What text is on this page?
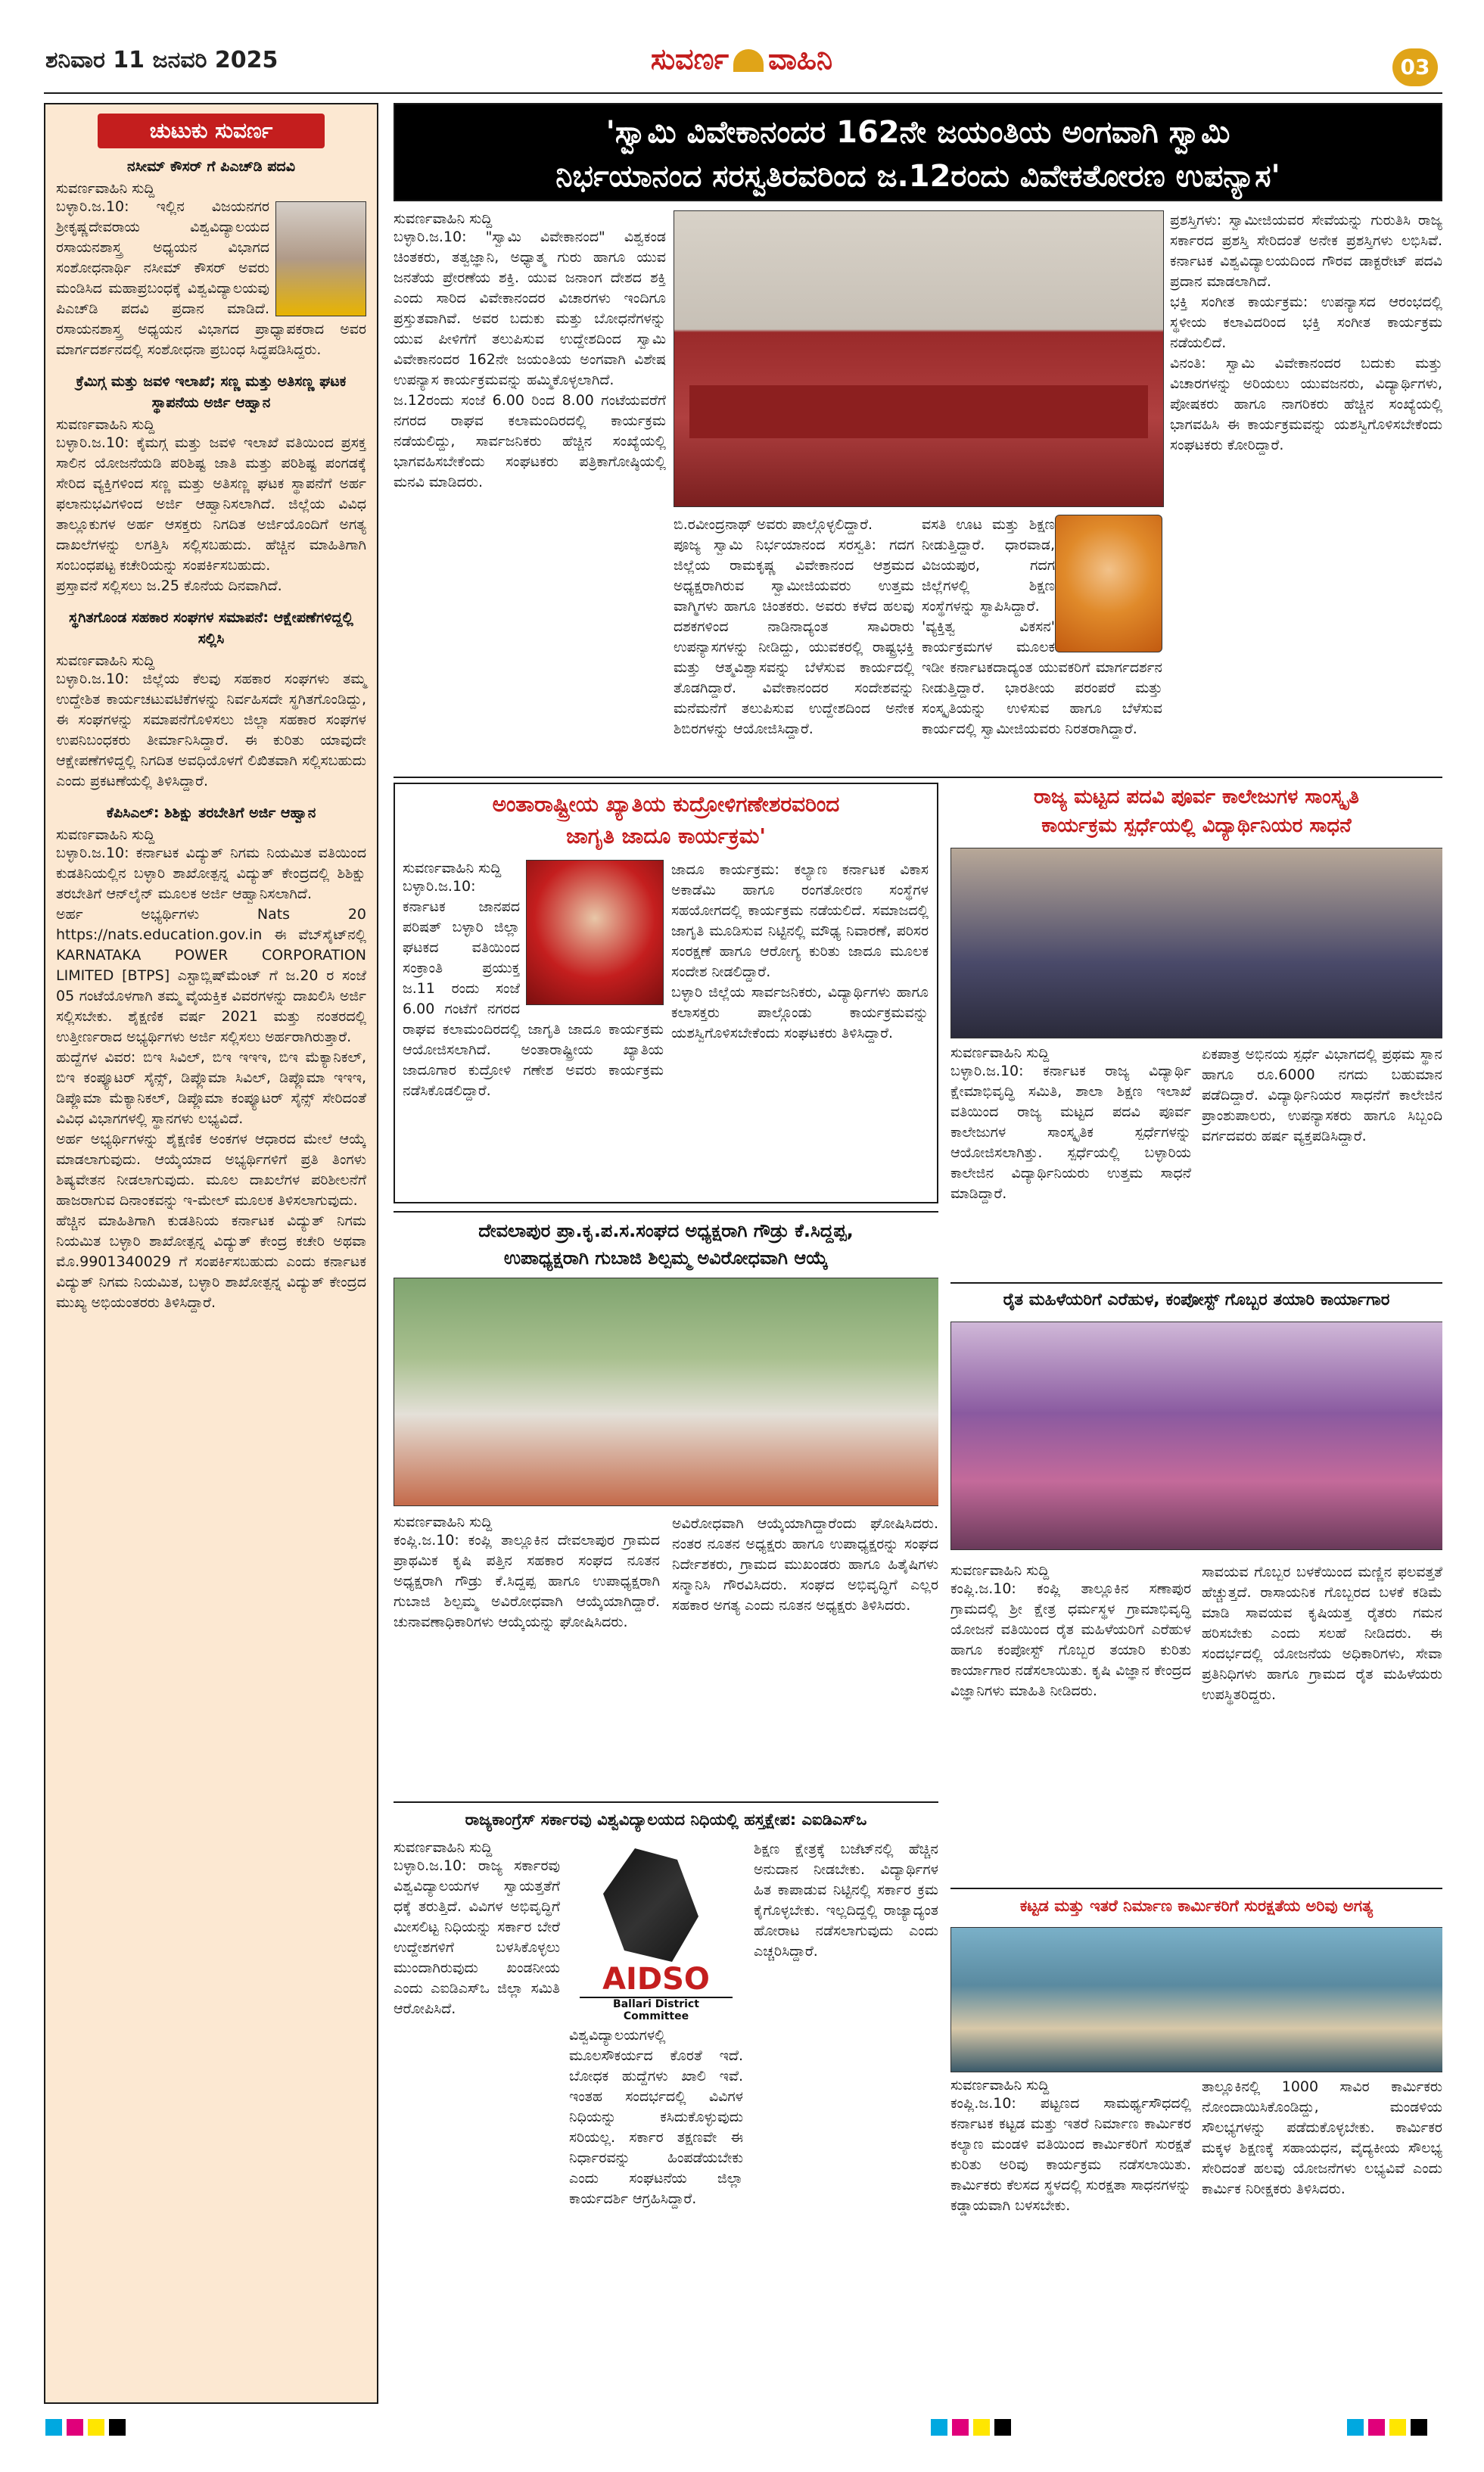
ಶನಿವಾರ 11 ಜನವರಿ 2025	ಸುವರ್ಣ ವಾಹಿನಿ	03
ಚುಟುಕು ಸುವರ್ಣ
ನಸೀಮ್ ಕೌಸರ್ ಗೆ ಪಿಎಚ್‌ಡಿ ಪದವಿ
ಸುವರ್ಣವಾಹಿನಿ ಸುದ್ದಿ
ಬಳ್ಳಾರಿ.ಜ.10: ಇಲ್ಲಿನ ವಿಜಯನಗರ ಶ್ರೀಕೃಷ್ಣದೇವರಾಯ ವಿಶ್ವವಿದ್ಯಾಲಯದ ರಸಾಯನಶಾಸ್ತ್ರ ಅಧ್ಯಯನ ವಿಭಾಗದ ಸಂಶೋಧನಾರ್ಥಿ ನಸೀಮ್ ಕೌಸರ್ ಅವರು ಮಂಡಿಸಿದ ಮಹಾಪ್ರಬಂಧಕ್ಕೆ ವಿಶ್ವವಿದ್ಯಾಲಯವು ಪಿಎಚ್‌ಡಿ ಪದವಿ ಪ್ರದಾನ ಮಾಡಿದೆ. ರಸಾಯನಶಾಸ್ತ್ರ ಅಧ್ಯಯನ ವಿಭಾಗದ ಪ್ರಾಧ್ಯಾಪಕರಾದ ಅವರ ಮಾರ್ಗದರ್ಶನದಲ್ಲಿ ಸಂಶೋಧನಾ ಪ್ರಬಂಧ ಸಿದ್ಧಪಡಿಸಿದ್ದರು.
ಕ್ರೆಮಿಗ್ಗ ಮತ್ತು ಜವಳಿ ಇಲಾಖೆ; ಸಣ್ಣ ಮತ್ತು ಅತಿಸಣ್ಣ ಘಟಕ ಸ್ಥಾಪನೆಯ ಅರ್ಜಿ ಆಹ್ವಾನ
ಸುವರ್ಣವಾಹಿನಿ ಸುದ್ದಿ
ಬಳ್ಳಾರಿ.ಜ.10: ಕೈಮಗ್ಗ ಮತ್ತು ಜವಳಿ ಇಲಾಖೆ ವತಿಯಿಂದ ಪ್ರಸಕ್ತ ಸಾಲಿನ ಯೋಜನೆಯಡಿ ಪರಿಶಿಷ್ಟ ಜಾತಿ ಮತ್ತು ಪರಿಶಿಷ್ಟ ಪಂಗಡಕ್ಕೆ ಸೇರಿದ ವ್ಯಕ್ತಿಗಳಿಂದ ಸಣ್ಣ ಮತ್ತು ಅತಿಸಣ್ಣ ಘಟಕ ಸ್ಥಾಪನೆಗೆ ಅರ್ಹ ಫಲಾನುಭವಿಗಳಿಂದ ಅರ್ಜಿ ಆಹ್ವಾನಿಸಲಾಗಿದೆ. ಜಿಲ್ಲೆಯ ವಿವಿಧ ತಾಲ್ಲೂಕುಗಳ ಅರ್ಹ ಆಸಕ್ತರು ನಿಗದಿತ ಅರ್ಜಿಯೊಂದಿಗೆ ಅಗತ್ಯ ದಾಖಲೆಗಳನ್ನು ಲಗತ್ತಿಸಿ ಸಲ್ಲಿಸಬಹುದು. ಹೆಚ್ಚಿನ ಮಾಹಿತಿಗಾಗಿ ಸಂಬಂಧಪಟ್ಟ ಕಚೇರಿಯನ್ನು ಸಂಪರ್ಕಿಸಬಹುದು.
ಪ್ರಸ್ತಾವನೆ ಸಲ್ಲಿಸಲು ಜ.25 ಕೊನೆಯ ದಿನವಾಗಿದೆ.
ಸ್ಥಗಿತಗೊಂಡ ಸಹಕಾರ ಸಂಘಗಳ ಸಮಾಪನೆ: ಆಕ್ಷೇಪಣೆಗಳಿದ್ದಲ್ಲಿ ಸಲ್ಲಿಸಿ
ಸುವರ್ಣವಾಹಿನಿ ಸುದ್ದಿ
ಬಳ್ಳಾರಿ.ಜ.10: ಜಿಲ್ಲೆಯ ಕೆಲವು ಸಹಕಾರ ಸಂಘಗಳು ತಮ್ಮ ಉದ್ದೇಶಿತ ಕಾರ್ಯಚಟುವಟಿಕೆಗಳನ್ನು ನಿರ್ವಹಿಸದೇ ಸ್ಥಗಿತಗೊಂಡಿದ್ದು, ಈ ಸಂಘಗಳನ್ನು ಸಮಾಪನೆಗೊಳಿಸಲು ಜಿಲ್ಲಾ ಸಹಕಾರ ಸಂಘಗಳ ಉಪನಿಬಂಧಕರು ತೀರ್ಮಾನಿಸಿದ್ದಾರೆ. ಈ ಕುರಿತು ಯಾವುದೇ ಆಕ್ಷೇಪಣೆಗಳಿದ್ದಲ್ಲಿ ನಿಗದಿತ ಅವಧಿಯೊಳಗೆ ಲಿಖಿತವಾಗಿ ಸಲ್ಲಿಸಬಹುದು ಎಂದು ಪ್ರಕಟಣೆಯಲ್ಲಿ ತಿಳಿಸಿದ್ದಾರೆ.
ಕೆಪಿಸಿಎಲ್: ಶಿಶಿಕ್ಷು ತರಬೇತಿಗೆ ಅರ್ಜಿ ಆಹ್ವಾನ
ಸುವರ್ಣವಾಹಿನಿ ಸುದ್ದಿ
ಬಳ್ಳಾರಿ.ಜ.10: ಕರ್ನಾಟಕ ವಿದ್ಯುತ್ ನಿಗಮ ನಿಯಮಿತ ವತಿಯಿಂದ ಕುಡತಿನಿಯಲ್ಲಿನ ಬಳ್ಳಾರಿ ಶಾಖೋತ್ಪನ್ನ ವಿದ್ಯುತ್ ಕೇಂದ್ರದಲ್ಲಿ ಶಿಶಿಕ್ಷು ತರಬೇತಿಗೆ ಆನ್‌ಲೈನ್ ಮೂಲಕ ಅರ್ಜಿ ಆಹ್ವಾನಿಸಲಾಗಿದೆ.
ಅರ್ಹ ಅಭ್ಯರ್ಥಿಗಳು Nats 20 https://nats.education.gov.in ಈ ವೆಬ್‌ಸೈಟ್‌ನಲ್ಲಿ KARNATAKA POWER CORPORATION LIMITED [BTPS] ಎಸ್ಟಾಬ್ಲಿಷ್‌ಮೆಂಟ್ ಗೆ ಜ.20 ರ ಸಂಜೆ 05 ಗಂಟೆಯೊಳಗಾಗಿ ತಮ್ಮ ವೈಯಕ್ತಿಕ ವಿವರಗಳನ್ನು ದಾಖಲಿಸಿ ಅರ್ಜಿ ಸಲ್ಲಿಸಬೇಕು. ಶೈಕ್ಷಣಿಕ ವರ್ಷ 2021 ಮತ್ತು ನಂತರದಲ್ಲಿ ಉತ್ತೀರ್ಣರಾದ ಅಭ್ಯರ್ಥಿಗಳು ಅರ್ಜಿ ಸಲ್ಲಿಸಲು ಅರ್ಹರಾಗಿರುತ್ತಾರೆ.
ಹುದ್ದೆಗಳ ವಿವರ: ಬಿಇ ಸಿವಿಲ್, ಬಿಇ ಇಇಇ, ಬಿಇ ಮೆಕ್ಯಾನಿಕಲ್, ಬಿಇ ಕಂಪ್ಯೂಟರ್ ಸೈನ್ಸ್, ಡಿಪ್ಲೊಮಾ ಸಿವಿಲ್, ಡಿಪ್ಲೊಮಾ ಇಇಇ, ಡಿಪ್ಲೊಮಾ ಮೆಕ್ಯಾನಿಕಲ್, ಡಿಪ್ಲೊಮಾ ಕಂಪ್ಯೂಟರ್ ಸೈನ್ಸ್ ಸೇರಿದಂತೆ ವಿವಿಧ ವಿಭಾಗಗಳಲ್ಲಿ ಸ್ಥಾನಗಳು ಲಭ್ಯವಿದೆ.
ಅರ್ಹ ಅಭ್ಯರ್ಥಿಗಳನ್ನು ಶೈಕ್ಷಣಿಕ ಅಂಕಗಳ ಆಧಾರದ ಮೇಲೆ ಆಯ್ಕೆ ಮಾಡಲಾಗುವುದು. ಆಯ್ಕೆಯಾದ ಅಭ್ಯರ್ಥಿಗಳಿಗೆ ಪ್ರತಿ ತಿಂಗಳು ಶಿಷ್ಯವೇತನ ನೀಡಲಾಗುವುದು. ಮೂಲ ದಾಖಲೆಗಳ ಪರಿಶೀಲನೆಗೆ ಹಾಜರಾಗುವ ದಿನಾಂಕವನ್ನು ಇ-ಮೇಲ್ ಮೂಲಕ ತಿಳಿಸಲಾಗುವುದು.
ಹೆಚ್ಚಿನ ಮಾಹಿತಿಗಾಗಿ ಕುಡತಿನಿಯ ಕರ್ನಾಟಕ ವಿದ್ಯುತ್ ನಿಗಮ ನಿಯಮಿತ ಬಳ್ಳಾರಿ ಶಾಖೋತ್ಪನ್ನ ವಿದ್ಯುತ್ ಕೇಂದ್ರ ಕಚೇರಿ ಅಥವಾ ಮೊ.9901340029 ಗೆ ಸಂಪರ್ಕಿಸಬಹುದು ಎಂದು ಕರ್ನಾಟಕ ವಿದ್ಯುತ್ ನಿಗಮ ನಿಯಮಿತ, ಬಳ್ಳಾರಿ ಶಾಖೋತ್ಪನ್ನ ವಿದ್ಯುತ್ ಕೇಂದ್ರದ ಮುಖ್ಯ ಅಭಿಯಂತರರು ತಿಳಿಸಿದ್ದಾರೆ.
'ಸ್ವಾಮಿ ವಿವೇಕಾನಂದರ 162ನೇ ಜಯಂತಿಯ ಅಂಗವಾಗಿ ಸ್ವಾಮಿ
ನಿರ್ಭಯಾನಂದ ಸರಸ್ವತಿರವರಿಂದ ಜ.12ರಂದು ವಿವೇಕತೋರಣ ಉಪನ್ಯಾಸ'
ಸುವರ್ಣವಾಹಿನಿ ಸುದ್ದಿ
ಬಳ್ಳಾರಿ.ಜ.10: "ಸ್ವಾಮಿ ವಿವೇಕಾನಂದ" ವಿಶ್ವಕಂಡ ಚಿಂತಕರು, ತತ್ವಜ್ಞಾನಿ, ಅಧ್ಯಾತ್ಮ ಗುರು ಹಾಗೂ ಯುವ ಜನತೆಯ ಪ್ರೇರಣೆಯ ಶಕ್ತಿ. ಯುವ ಜನಾಂಗ ದೇಶದ ಶಕ್ತಿ ಎಂದು ಸಾರಿದ ವಿವೇಕಾನಂದರ ವಿಚಾರಗಳು ಇಂದಿಗೂ ಪ್ರಸ್ತುತವಾಗಿವೆ. ಅವರ ಬದುಕು ಮತ್ತು ಬೋಧನೆಗಳನ್ನು ಯುವ ಪೀಳಿಗೆಗೆ ತಲುಪಿಸುವ ಉದ್ದೇಶದಿಂದ ಸ್ವಾಮಿ ವಿವೇಕಾನಂದರ 162ನೇ ಜಯಂತಿಯ ಅಂಗವಾಗಿ ವಿಶೇಷ ಉಪನ್ಯಾಸ ಕಾರ್ಯಕ್ರಮವನ್ನು ಹಮ್ಮಿಕೊಳ್ಳಲಾಗಿದೆ.
ಜ.12ರಂದು ಸಂಜೆ 6.00 ರಿಂದ 8.00 ಗಂಟೆಯವರೆಗೆ ನಗರದ ರಾಘವ ಕಲಾಮಂದಿರದಲ್ಲಿ ಕಾರ್ಯಕ್ರಮ ನಡೆಯಲಿದ್ದು, ಸಾರ್ವಜನಿಕರು ಹೆಚ್ಚಿನ ಸಂಖ್ಯೆಯಲ್ಲಿ ಭಾಗವಹಿಸಬೇಕೆಂದು ಸಂಘಟಕರು ಪತ್ರಿಕಾಗೋಷ್ಠಿಯಲ್ಲಿ ಮನವಿ ಮಾಡಿದರು.
ಬಿ.ರವೀಂದ್ರನಾಥ್ ಅವರು ಪಾಲ್ಗೊಳ್ಳಲಿದ್ದಾರೆ.
ಪೂಜ್ಯ ಸ್ವಾಮಿ ನಿರ್ಭಯಾನಂದ ಸರಸ್ವತಿ: ಗದಗ ಜಿಲ್ಲೆಯ ರಾಮಕೃಷ್ಣ ವಿವೇಕಾನಂದ ಆಶ್ರಮದ ಅಧ್ಯಕ್ಷರಾಗಿರುವ ಸ್ವಾಮೀಜಿಯವರು ಉತ್ತಮ ವಾಗ್ಮಿಗಳು ಹಾಗೂ ಚಿಂತಕರು. ಅವರು ಕಳೆದ ಹಲವು ದಶಕಗಳಿಂದ ನಾಡಿನಾದ್ಯಂತ ಸಾವಿರಾರು ಉಪನ್ಯಾಸಗಳನ್ನು ನೀಡಿದ್ದು, ಯುವಕರಲ್ಲಿ ರಾಷ್ಟ್ರಭಕ್ತಿ ಮತ್ತು ಆತ್ಮವಿಶ್ವಾಸವನ್ನು ಬೆಳೆಸುವ ಕಾರ್ಯದಲ್ಲಿ ತೊಡಗಿದ್ದಾರೆ. ವಿವೇಕಾನಂದರ ಸಂದೇಶವನ್ನು ಮನೆಮನೆಗೆ ತಲುಪಿಸುವ ಉದ್ದೇಶದಿಂದ ಅನೇಕ ಶಿಬಿರಗಳನ್ನು ಆಯೋಜಿಸಿದ್ದಾರೆ.
ವಸತಿ ಊಟ ಮತ್ತು ಶಿಕ್ಷಣ ನೀಡುತ್ತಿದ್ದಾರೆ. ಧಾರವಾಡ, ವಿಜಯಪುರ, ಗದಗ ಜಿಲ್ಲೆಗಳಲ್ಲಿ ಶಿಕ್ಷಣ ಸಂಸ್ಥೆಗಳನ್ನು ಸ್ಥಾಪಿಸಿದ್ದಾರೆ.
'ವ್ಯಕ್ತಿತ್ವ ವಿಕಸನ' ಕಾರ್ಯಕ್ರಮಗಳ ಮೂಲಕ ಇಡೀ ಕರ್ನಾಟಕದಾದ್ಯಂತ ಯುವಕರಿಗೆ ಮಾರ್ಗದರ್ಶನ ನೀಡುತ್ತಿದ್ದಾರೆ. ಭಾರತೀಯ ಪರಂಪರೆ ಮತ್ತು ಸಂಸ್ಕೃತಿಯನ್ನು ಉಳಿಸುವ ಹಾಗೂ ಬೆಳೆಸುವ ಕಾರ್ಯದಲ್ಲಿ ಸ್ವಾಮೀಜಿಯವರು ನಿರತರಾಗಿದ್ದಾರೆ.
ಪ್ರಶಸ್ತಿಗಳು: ಸ್ವಾಮೀಜಿಯವರ ಸೇವೆಯನ್ನು ಗುರುತಿಸಿ ರಾಜ್ಯ ಸರ್ಕಾರದ ಪ್ರಶಸ್ತಿ ಸೇರಿದಂತೆ ಅನೇಕ ಪ್ರಶಸ್ತಿಗಳು ಲಭಿಸಿವೆ. ಕರ್ನಾಟಕ ವಿಶ್ವವಿದ್ಯಾಲಯದಿಂದ ಗೌರವ ಡಾಕ್ಟರೇಟ್ ಪದವಿ ಪ್ರದಾನ ಮಾಡಲಾಗಿದೆ.
ಭಕ್ತಿ ಸಂಗೀತ ಕಾರ್ಯಕ್ರಮ: ಉಪನ್ಯಾಸದ ಆರಂಭದಲ್ಲಿ ಸ್ಥಳೀಯ ಕಲಾವಿದರಿಂದ ಭಕ್ತಿ ಸಂಗೀತ ಕಾರ್ಯಕ್ರಮ ನಡೆಯಲಿದೆ.
ವಿನಂತಿ: ಸ್ವಾಮಿ ವಿವೇಕಾನಂದರ ಬದುಕು ಮತ್ತು ವಿಚಾರಗಳನ್ನು ಅರಿಯಲು ಯುವಜನರು, ವಿದ್ಯಾರ್ಥಿಗಳು, ಪೋಷಕರು ಹಾಗೂ ನಾಗರಿಕರು ಹೆಚ್ಚಿನ ಸಂಖ್ಯೆಯಲ್ಲಿ ಭಾಗವಹಿಸಿ ಈ ಕಾರ್ಯಕ್ರಮವನ್ನು ಯಶಸ್ವಿಗೊಳಿಸಬೇಕೆಂದು ಸಂಘಟಕರು ಕೋರಿದ್ದಾರೆ.
ಅಂತಾರಾಷ್ಟ್ರೀಯ ಖ್ಯಾತಿಯ ಕುದ್ರೋಳಿಗಣೇಶರವರಿಂದ
ಜಾಗೃತಿ ಜಾದೂ ಕಾರ್ಯಕ್ರಮ'
ಸುವರ್ಣವಾಹಿನಿ ಸುದ್ದಿ
ಬಳ್ಳಾರಿ.ಜ.10: ಕರ್ನಾಟಕ ಜಾನಪದ ಪರಿಷತ್ ಬಳ್ಳಾರಿ ಜಿಲ್ಲಾ ಘಟಕದ ವತಿಯಿಂದ ಸಂಕ್ರಾಂತಿ ಪ್ರಯುಕ್ತ ಜ.11 ರಂದು ಸಂಜೆ 6.00 ಗಂಟೆಗೆ ನಗರದ ರಾಘವ ಕಲಾಮಂದಿರದಲ್ಲಿ ಜಾಗೃತಿ ಜಾದೂ ಕಾರ್ಯಕ್ರಮ ಆಯೋಜಿಸಲಾಗಿದೆ. ಅಂತಾರಾಷ್ಟ್ರೀಯ ಖ್ಯಾತಿಯ ಜಾದೂಗಾರ ಕುದ್ರೋಳಿ ಗಣೇಶ ಅವರು ಕಾರ್ಯಕ್ರಮ ನಡೆಸಿಕೊಡಲಿದ್ದಾರೆ.
ಜಾದೂ ಕಾರ್ಯಕ್ರಮ: ಕಲ್ಯಾಣ ಕರ್ನಾಟಕ ವಿಕಾಸ ಅಕಾಡೆಮಿ ಹಾಗೂ ರಂಗತೋರಣ ಸಂಸ್ಥೆಗಳ ಸಹಯೋಗದಲ್ಲಿ ಕಾರ್ಯಕ್ರಮ ನಡೆಯಲಿದೆ. ಸಮಾಜದಲ್ಲಿ ಜಾಗೃತಿ ಮೂಡಿಸುವ ನಿಟ್ಟಿನಲ್ಲಿ ಮೌಢ್ಯ ನಿವಾರಣೆ, ಪರಿಸರ ಸಂರಕ್ಷಣೆ ಹಾಗೂ ಆರೋಗ್ಯ ಕುರಿತು ಜಾದೂ ಮೂಲಕ ಸಂದೇಶ ನೀಡಲಿದ್ದಾರೆ.
ಬಳ್ಳಾರಿ ಜಿಲ್ಲೆಯ ಸಾರ್ವಜನಿಕರು, ವಿದ್ಯಾರ್ಥಿಗಳು ಹಾಗೂ ಕಲಾಸಕ್ತರು ಪಾಲ್ಗೊಂಡು ಕಾರ್ಯಕ್ರಮವನ್ನು ಯಶಸ್ವಿಗೊಳಿಸಬೇಕೆಂದು ಸಂಘಟಕರು ತಿಳಿಸಿದ್ದಾರೆ.
ರಾಜ್ಯ ಮಟ್ಟದ ಪದವಿ ಪೂರ್ವ ಕಾಲೇಜುಗಳ ಸಾಂಸ್ಕೃತಿ
ಕಾರ್ಯಕ್ರಮ ಸ್ಪರ್ಧೆಯಲ್ಲಿ ವಿದ್ಯಾರ್ಥಿನಿಯರ ಸಾಧನೆ
ಸುವರ್ಣವಾಹಿನಿ ಸುದ್ದಿ
ಬಳ್ಳಾರಿ.ಜ.10: ಕರ್ನಾಟಕ ರಾಜ್ಯ ವಿದ್ಯಾರ್ಥಿ ಕ್ಷೇಮಾಭಿವೃದ್ಧಿ ಸಮಿತಿ, ಶಾಲಾ ಶಿಕ್ಷಣ ಇಲಾಖೆ ವತಿಯಿಂದ ರಾಜ್ಯ ಮಟ್ಟದ ಪದವಿ ಪೂರ್ವ ಕಾಲೇಜುಗಳ ಸಾಂಸ್ಕೃತಿಕ ಸ್ಪರ್ಧೆಗಳನ್ನು ಆಯೋಜಿಸಲಾಗಿತ್ತು. ಸ್ಪರ್ಧೆಯಲ್ಲಿ ಬಳ್ಳಾರಿಯ ಕಾಲೇಜಿನ ವಿದ್ಯಾರ್ಥಿನಿಯರು ಉತ್ತಮ ಸಾಧನೆ ಮಾಡಿದ್ದಾರೆ.
ಏಕಪಾತ್ರ ಅಭಿನಯ ಸ್ಪರ್ಧೆ ವಿಭಾಗದಲ್ಲಿ ಪ್ರಥಮ ಸ್ಥಾನ ಹಾಗೂ ರೂ.6000 ನಗದು ಬಹುಮಾನ ಪಡೆದಿದ್ದಾರೆ. ವಿದ್ಯಾರ್ಥಿನಿಯರ ಸಾಧನೆಗೆ ಕಾಲೇಜಿನ ಪ್ರಾಂಶುಪಾಲರು, ಉಪನ್ಯಾಸಕರು ಹಾಗೂ ಸಿಬ್ಬಂದಿ ವರ್ಗದವರು ಹರ್ಷ ವ್ಯಕ್ತಪಡಿಸಿದ್ದಾರೆ.
ದೇವಲಾಪುರ ಪ್ರಾ.ಕೃ.ಪ.ಸ.ಸಂಘದ ಅಧ್ಯಕ್ಷರಾಗಿ ಗೌಡ್ರು ಕೆ.ಸಿದ್ದಪ್ಪ,
ಉಪಾಧ್ಯಕ್ಷರಾಗಿ ಗುಬಾಜಿ ಶಿಲ್ಪಮ್ಮ ಅವಿರೋಧವಾಗಿ ಆಯ್ಕೆ
ಸುವರ್ಣವಾಹಿನಿ ಸುದ್ದಿ
ಕಂಪ್ಲಿ.ಜ.10: ಕಂಪ್ಲಿ ತಾಲ್ಲೂಕಿನ ದೇವಲಾಪುರ ಗ್ರಾಮದ ಪ್ರಾಥಮಿಕ ಕೃಷಿ ಪತ್ತಿನ ಸಹಕಾರ ಸಂಘದ ನೂತನ ಅಧ್ಯಕ್ಷರಾಗಿ ಗೌಡ್ರು ಕೆ.ಸಿದ್ದಪ್ಪ ಹಾಗೂ ಉಪಾಧ್ಯಕ್ಷರಾಗಿ ಗುಬಾಜಿ ಶಿಲ್ಪಮ್ಮ ಅವಿರೋಧವಾಗಿ ಆಯ್ಕೆಯಾಗಿದ್ದಾರೆ. ಚುನಾವಣಾಧಿಕಾರಿಗಳು ಆಯ್ಕೆಯನ್ನು ಘೋಷಿಸಿದರು.
ಅವಿರೋಧವಾಗಿ ಆಯ್ಕೆಯಾಗಿದ್ದಾರೆಂದು ಘೋಷಿಸಿದರು. ನಂತರ ನೂತನ ಅಧ್ಯಕ್ಷರು ಹಾಗೂ ಉಪಾಧ್ಯಕ್ಷರನ್ನು ಸಂಘದ ನಿರ್ದೇಶಕರು, ಗ್ರಾಮದ ಮುಖಂಡರು ಹಾಗೂ ಹಿತೈಷಿಗಳು ಸನ್ಮಾನಿಸಿ ಗೌರವಿಸಿದರು. ಸಂಘದ ಅಭಿವೃದ್ಧಿಗೆ ಎಲ್ಲರ ಸಹಕಾರ ಅಗತ್ಯ ಎಂದು ನೂತನ ಅಧ್ಯಕ್ಷರು ತಿಳಿಸಿದರು.
ರೈತ ಮಹಿಳೆಯರಿಗೆ ಎರೆಹುಳ, ಕಂಪೋಸ್ಟ್ ಗೊಬ್ಬರ ತಯಾರಿ ಕಾರ್ಯಾಗಾರ
ಸುವರ್ಣವಾಹಿನಿ ಸುದ್ದಿ
ಕಂಪ್ಲಿ.ಜ.10: ಕಂಪ್ಲಿ ತಾಲ್ಲೂಕಿನ ಸಣಾಪುರ ಗ್ರಾಮದಲ್ಲಿ ಶ್ರೀ ಕ್ಷೇತ್ರ ಧರ್ಮಸ್ಥಳ ಗ್ರಾಮಾಭಿವೃದ್ಧಿ ಯೋಜನೆ ವತಿಯಿಂದ ರೈತ ಮಹಿಳೆಯರಿಗೆ ಎರೆಹುಳ ಹಾಗೂ ಕಂಪೋಸ್ಟ್ ಗೊಬ್ಬರ ತಯಾರಿ ಕುರಿತು ಕಾರ್ಯಾಗಾರ ನಡೆಸಲಾಯಿತು. ಕೃಷಿ ವಿಜ್ಞಾನ ಕೇಂದ್ರದ ವಿಜ್ಞಾನಿಗಳು ಮಾಹಿತಿ ನೀಡಿದರು.
ಸಾವಯವ ಗೊಬ್ಬರ ಬಳಕೆಯಿಂದ ಮಣ್ಣಿನ ಫಲವತ್ತತೆ ಹೆಚ್ಚುತ್ತದೆ. ರಾಸಾಯನಿಕ ಗೊಬ್ಬರದ ಬಳಕೆ ಕಡಿಮೆ ಮಾಡಿ ಸಾವಯವ ಕೃಷಿಯತ್ತ ರೈತರು ಗಮನ ಹರಿಸಬೇಕು ಎಂದು ಸಲಹೆ ನೀಡಿದರು. ಈ ಸಂದರ್ಭದಲ್ಲಿ ಯೋಜನೆಯ ಅಧಿಕಾರಿಗಳು, ಸೇವಾ ಪ್ರತಿನಿಧಿಗಳು ಹಾಗೂ ಗ್ರಾಮದ ರೈತ ಮಹಿಳೆಯರು ಉಪಸ್ಥಿತರಿದ್ದರು.
ರಾಜ್ಯಕಾಂಗ್ರೆಸ್ ಸರ್ಕಾರವು ವಿಶ್ವವಿದ್ಯಾಲಯದ ನಿಧಿಯಲ್ಲಿ ಹಸ್ತಕ್ಷೇಪ: ಎಐಡಿಎಸ್‌ಒ
ಸುವರ್ಣವಾಹಿನಿ ಸುದ್ದಿ
ಬಳ್ಳಾರಿ.ಜ.10: ರಾಜ್ಯ ಸರ್ಕಾರವು ವಿಶ್ವವಿದ್ಯಾಲಯಗಳ ಸ್ವಾಯತ್ತತೆಗೆ ಧಕ್ಕೆ ತರುತ್ತಿದೆ. ವಿವಿಗಳ ಅಭಿವೃದ್ಧಿಗೆ ಮೀಸಲಿಟ್ಟ ನಿಧಿಯನ್ನು ಸರ್ಕಾರ ಬೇರೆ ಉದ್ದೇಶಗಳಿಗೆ ಬಳಸಿಕೊಳ್ಳಲು ಮುಂದಾಗಿರುವುದು ಖಂಡನೀಯ ಎಂದು ಎಐಡಿಎಸ್‌ಒ ಜಿಲ್ಲಾ ಸಮಿತಿ ಆರೋಪಿಸಿದೆ.
AIDSO
Ballari District Committee
ವಿಶ್ವವಿದ್ಯಾಲಯಗಳಲ್ಲಿ ಮೂಲಸೌಕರ್ಯದ ಕೊರತೆ ಇದೆ. ಬೋಧಕ ಹುದ್ದೆಗಳು ಖಾಲಿ ಇವೆ. ಇಂತಹ ಸಂದರ್ಭದಲ್ಲಿ ವಿವಿಗಳ ನಿಧಿಯನ್ನು ಕಸಿದುಕೊಳ್ಳುವುದು ಸರಿಯಲ್ಲ. ಸರ್ಕಾರ ತಕ್ಷಣವೇ ಈ ನಿರ್ಧಾರವನ್ನು ಹಿಂಪಡೆಯಬೇಕು ಎಂದು ಸಂಘಟನೆಯ ಜಿಲ್ಲಾ ಕಾರ್ಯದರ್ಶಿ ಆಗ್ರಹಿಸಿದ್ದಾರೆ.
ಶಿಕ್ಷಣ ಕ್ಷೇತ್ರಕ್ಕೆ ಬಜೆಟ್‌ನಲ್ಲಿ ಹೆಚ್ಚಿನ ಅನುದಾನ ನೀಡಬೇಕು. ವಿದ್ಯಾರ್ಥಿಗಳ ಹಿತ ಕಾಪಾಡುವ ನಿಟ್ಟಿನಲ್ಲಿ ಸರ್ಕಾರ ಕ್ರಮ ಕೈಗೊಳ್ಳಬೇಕು. ಇಲ್ಲದಿದ್ದಲ್ಲಿ ರಾಜ್ಯಾದ್ಯಂತ ಹೋರಾಟ ನಡೆಸಲಾಗುವುದು ಎಂದು ಎಚ್ಚರಿಸಿದ್ದಾರೆ.
ಕಟ್ಟಡ ಮತ್ತು ಇತರೆ ನಿರ್ಮಾಣ ಕಾರ್ಮಿಕರಿಗೆ ಸುರಕ್ಷತೆಯ ಅರಿವು ಅಗತ್ಯ
ಸುವರ್ಣವಾಹಿನಿ ಸುದ್ದಿ
ಕಂಪ್ಲಿ.ಜ.10: ಪಟ್ಟಣದ ಸಾಮರ್ಥ್ಯಸೌಧದಲ್ಲಿ ಕರ್ನಾಟಕ ಕಟ್ಟಡ ಮತ್ತು ಇತರೆ ನಿರ್ಮಾಣ ಕಾರ್ಮಿಕರ ಕಲ್ಯಾಣ ಮಂಡಳಿ ವತಿಯಿಂದ ಕಾರ್ಮಿಕರಿಗೆ ಸುರಕ್ಷತೆ ಕುರಿತು ಅರಿವು ಕಾರ್ಯಕ್ರಮ ನಡೆಸಲಾಯಿತು. ಕಾರ್ಮಿಕರು ಕೆಲಸದ ಸ್ಥಳದಲ್ಲಿ ಸುರಕ್ಷತಾ ಸಾಧನಗಳನ್ನು ಕಡ್ಡಾಯವಾಗಿ ಬಳಸಬೇಕು.
ತಾಲ್ಲೂಕಿನಲ್ಲಿ 1000 ಸಾವಿರ ಕಾರ್ಮಿಕರು ನೋಂದಾಯಿಸಿಕೊಂಡಿದ್ದು, ಮಂಡಳಿಯ ಸೌಲಭ್ಯಗಳನ್ನು ಪಡೆದುಕೊಳ್ಳಬೇಕು. ಕಾರ್ಮಿಕರ ಮಕ್ಕಳ ಶಿಕ್ಷಣಕ್ಕೆ ಸಹಾಯಧನ, ವೈದ್ಯಕೀಯ ಸೌಲಭ್ಯ ಸೇರಿದಂತೆ ಹಲವು ಯೋಜನೆಗಳು ಲಭ್ಯವಿವೆ ಎಂದು ಕಾರ್ಮಿಕ ನಿರೀಕ್ಷಕರು ತಿಳಿಸಿದರು.
